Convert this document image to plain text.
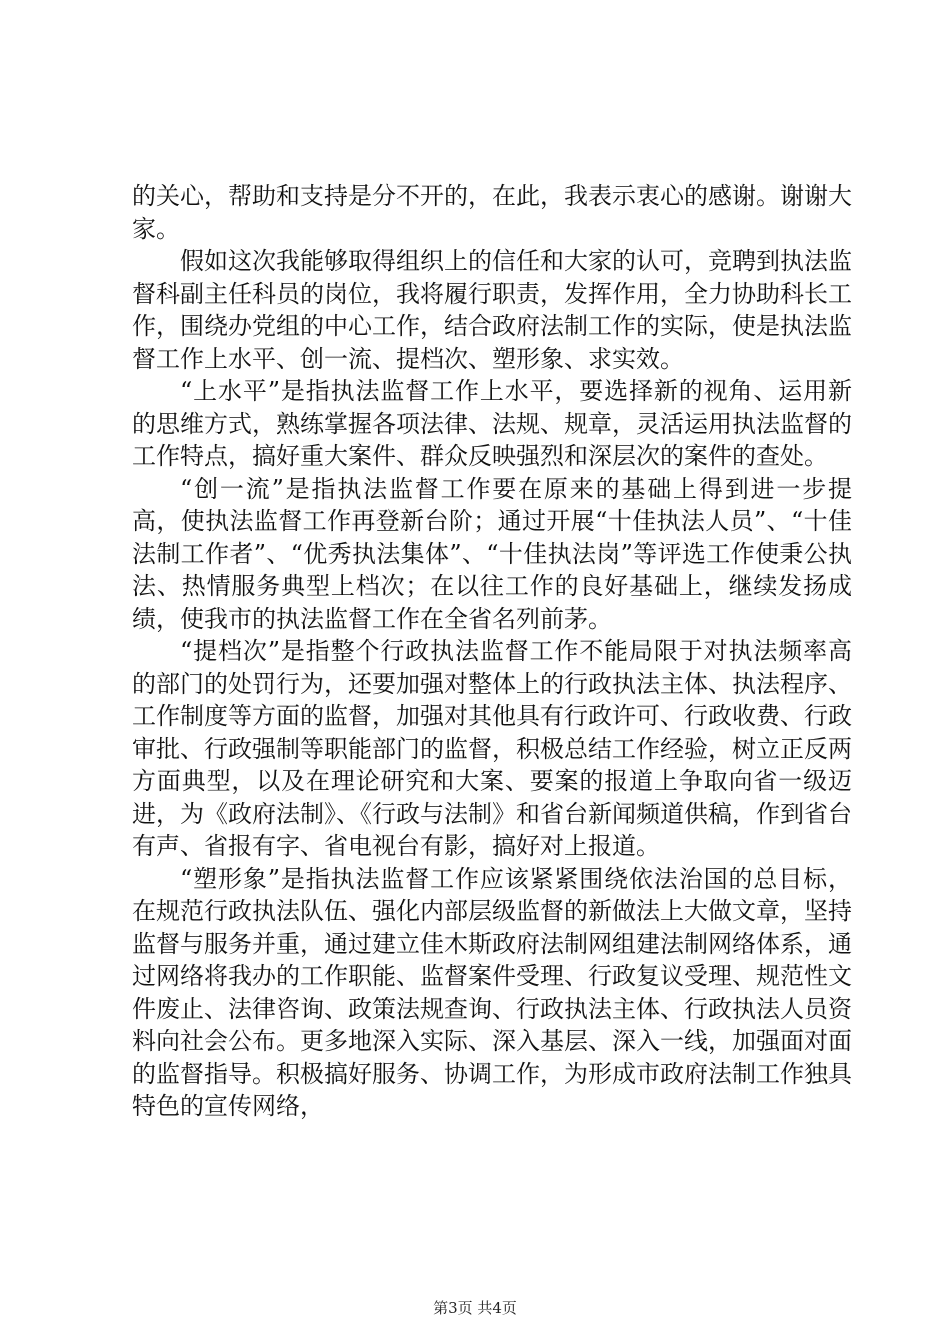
的关心，帮助和支持是分不开的，在此，我表示衷心的感谢。谢谢大家。

假如这次我能够取得组织上的信任和大家的认可，竞聘到执法监督科副主任科员的岗位，我将履行职责，发挥作用，全力协助科长工作，围绕办党组的中心工作，结合政府法制工作的实际，使是执法监督工作上水平、创一流、提档次、塑形象、求实效。

“上水平”是指执法监督工作上水平，要选择新的视角、运用新的思维方式，熟练掌握各项法律、法规、规章，灵活运用执法监督的工作特点，搞好重大案件、群众反映强烈和深层次的案件的查处。

“创一流”是指执法监督工作要在原来的基础上得到进一步提高，使执法监督工作再登新台阶；通过开展“十佳执法人员”、“十佳法制工作者”、“优秀执法集体”、“十佳执法岗”等评选工作使秉公执法、热情服务典型上档次；在以往工作的良好基础上，继续发扬成绩，使我市的执法监督工作在全省名列前茅。

“提档次”是指整个行政执法监督工作不能局限于对执法频率高的部门的处罚行为，还要加强对整体上的行政执法主体、执法程序、工作制度等方面的监督，加强对其他具有行政许可、行政收费、行政审批、行政强制等职能部门的监督，积极总结工作经验，树立正反两方面典型，以及在理论研究和大案、要案的报道上争取向省一级迈进，为《政府法制》、《行政与法制》和省台新闻频道供稿，作到省台有声、省报有字、省电视台有影，搞好对上报道。

“塑形象”是指执法监督工作应该紧紧围绕依法治国的总目标，在规范行政执法队伍、强化内部层级监督的新做法上大做文章，坚持监督与服务并重，通过建立佳木斯政府法制网组建法制网络体系，通过网络将我办的工作职能、监督案件受理、行政复议受理、规范性文件废止、法律咨询、政策法规查询、行政执法主体、行政执法人员资料向社会公布。更多地深入实际、深入基层、深入一线，加强面对面的监督指导。积极搞好服务、协调工作，为形成市政府法制工作独具特色的宣传网络，

第3页 共4页
